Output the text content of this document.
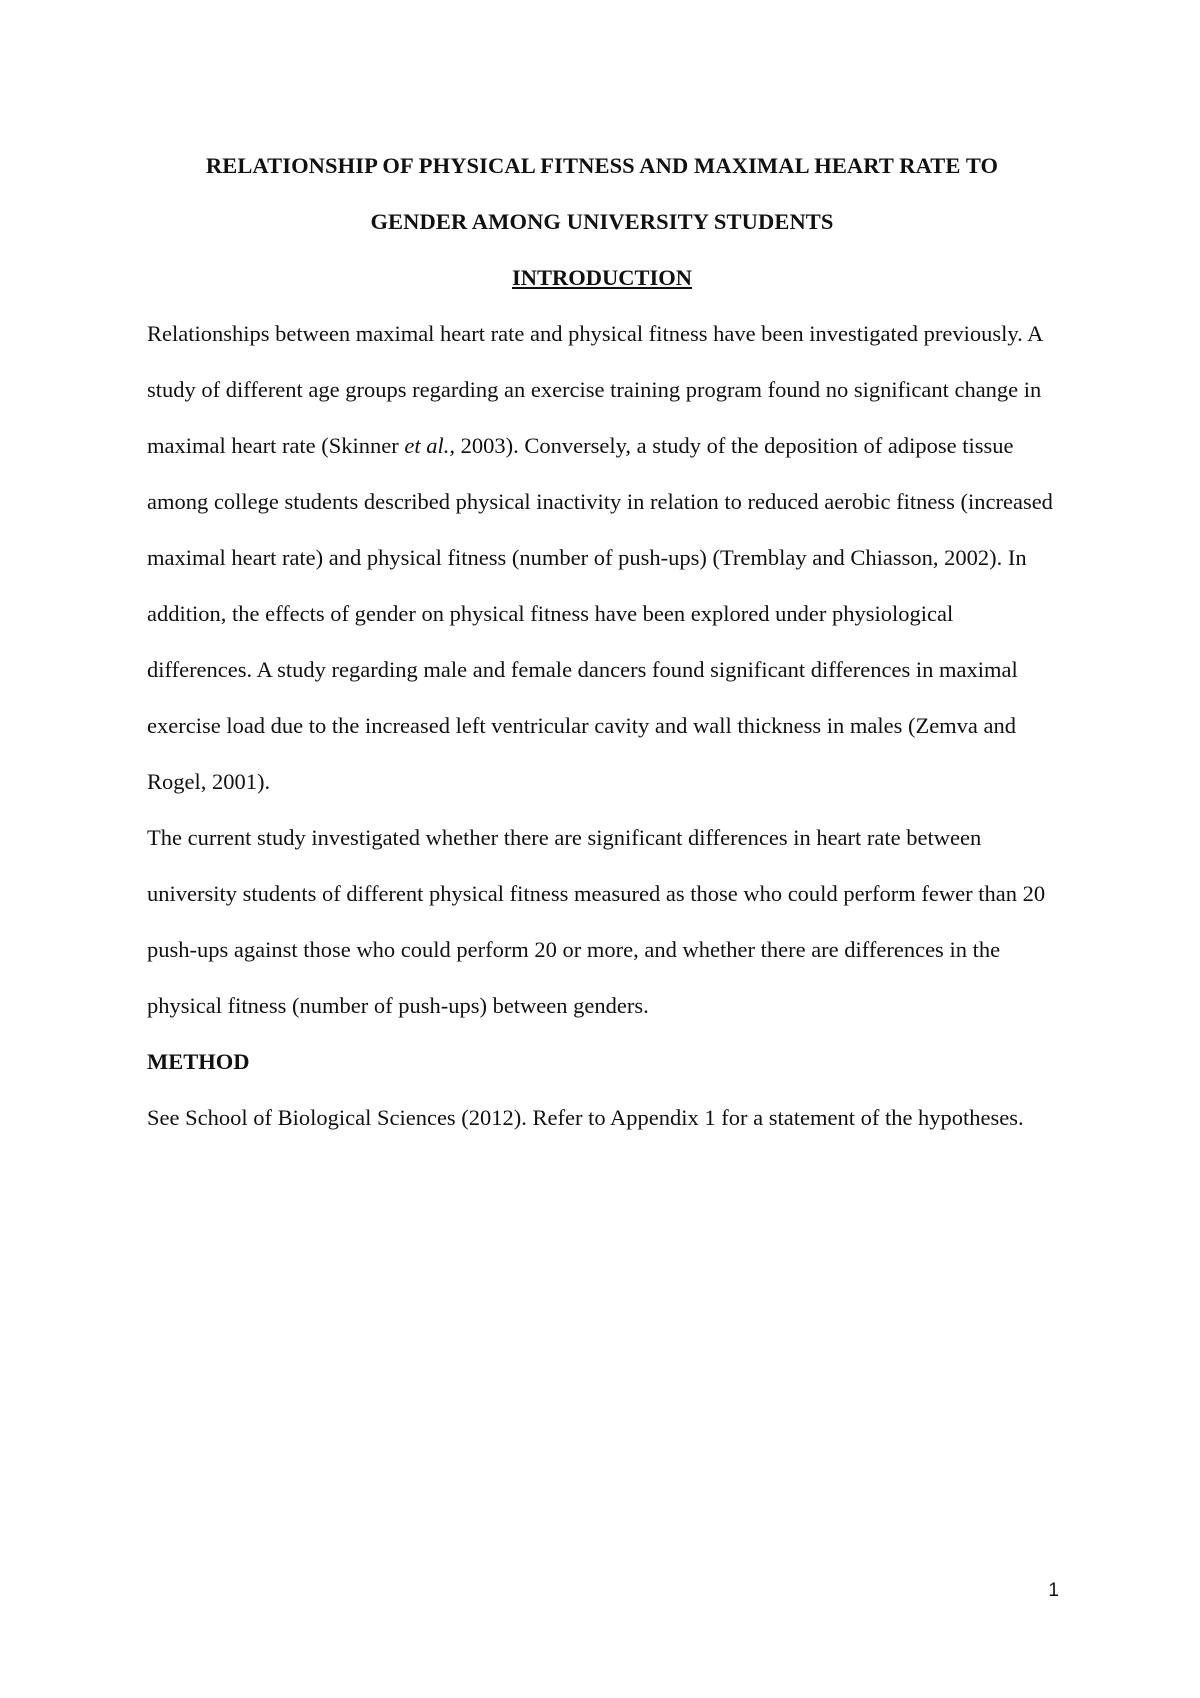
RELATIONSHIP OF PHYSICAL FITNESS AND MAXIMAL HEART RATE TO

GENDER AMONG UNIVERSITY STUDENTS

INTRODUCTION

Relationships between maximal heart rate and physical fitness have been investigated previously. A study of different age groups regarding an exercise training program found no significant change in maximal heart rate (Skinner et al., 2003). Conversely, a study of the deposition of adipose tissue among college students described physical inactivity in relation to reduced aerobic fitness (increased maximal heart rate) and physical fitness (number of push-ups) (Tremblay and Chiasson, 2002). In addition, the effects of gender on physical fitness have been explored under physiological differences. A study regarding male and female dancers found significant differences in maximal exercise load due to the increased left ventricular cavity and wall thickness in males (Zemva and Rogel, 2001).

The current study investigated whether there are significant differences in heart rate between university students of different physical fitness measured as those who could perform fewer than 20 push-ups against those who could perform 20 or more, and whether there are differences in the physical fitness (number of push-ups) between genders.

METHOD

See School of Biological Sciences (2012). Refer to Appendix 1 for a statement of the hypotheses.

1
